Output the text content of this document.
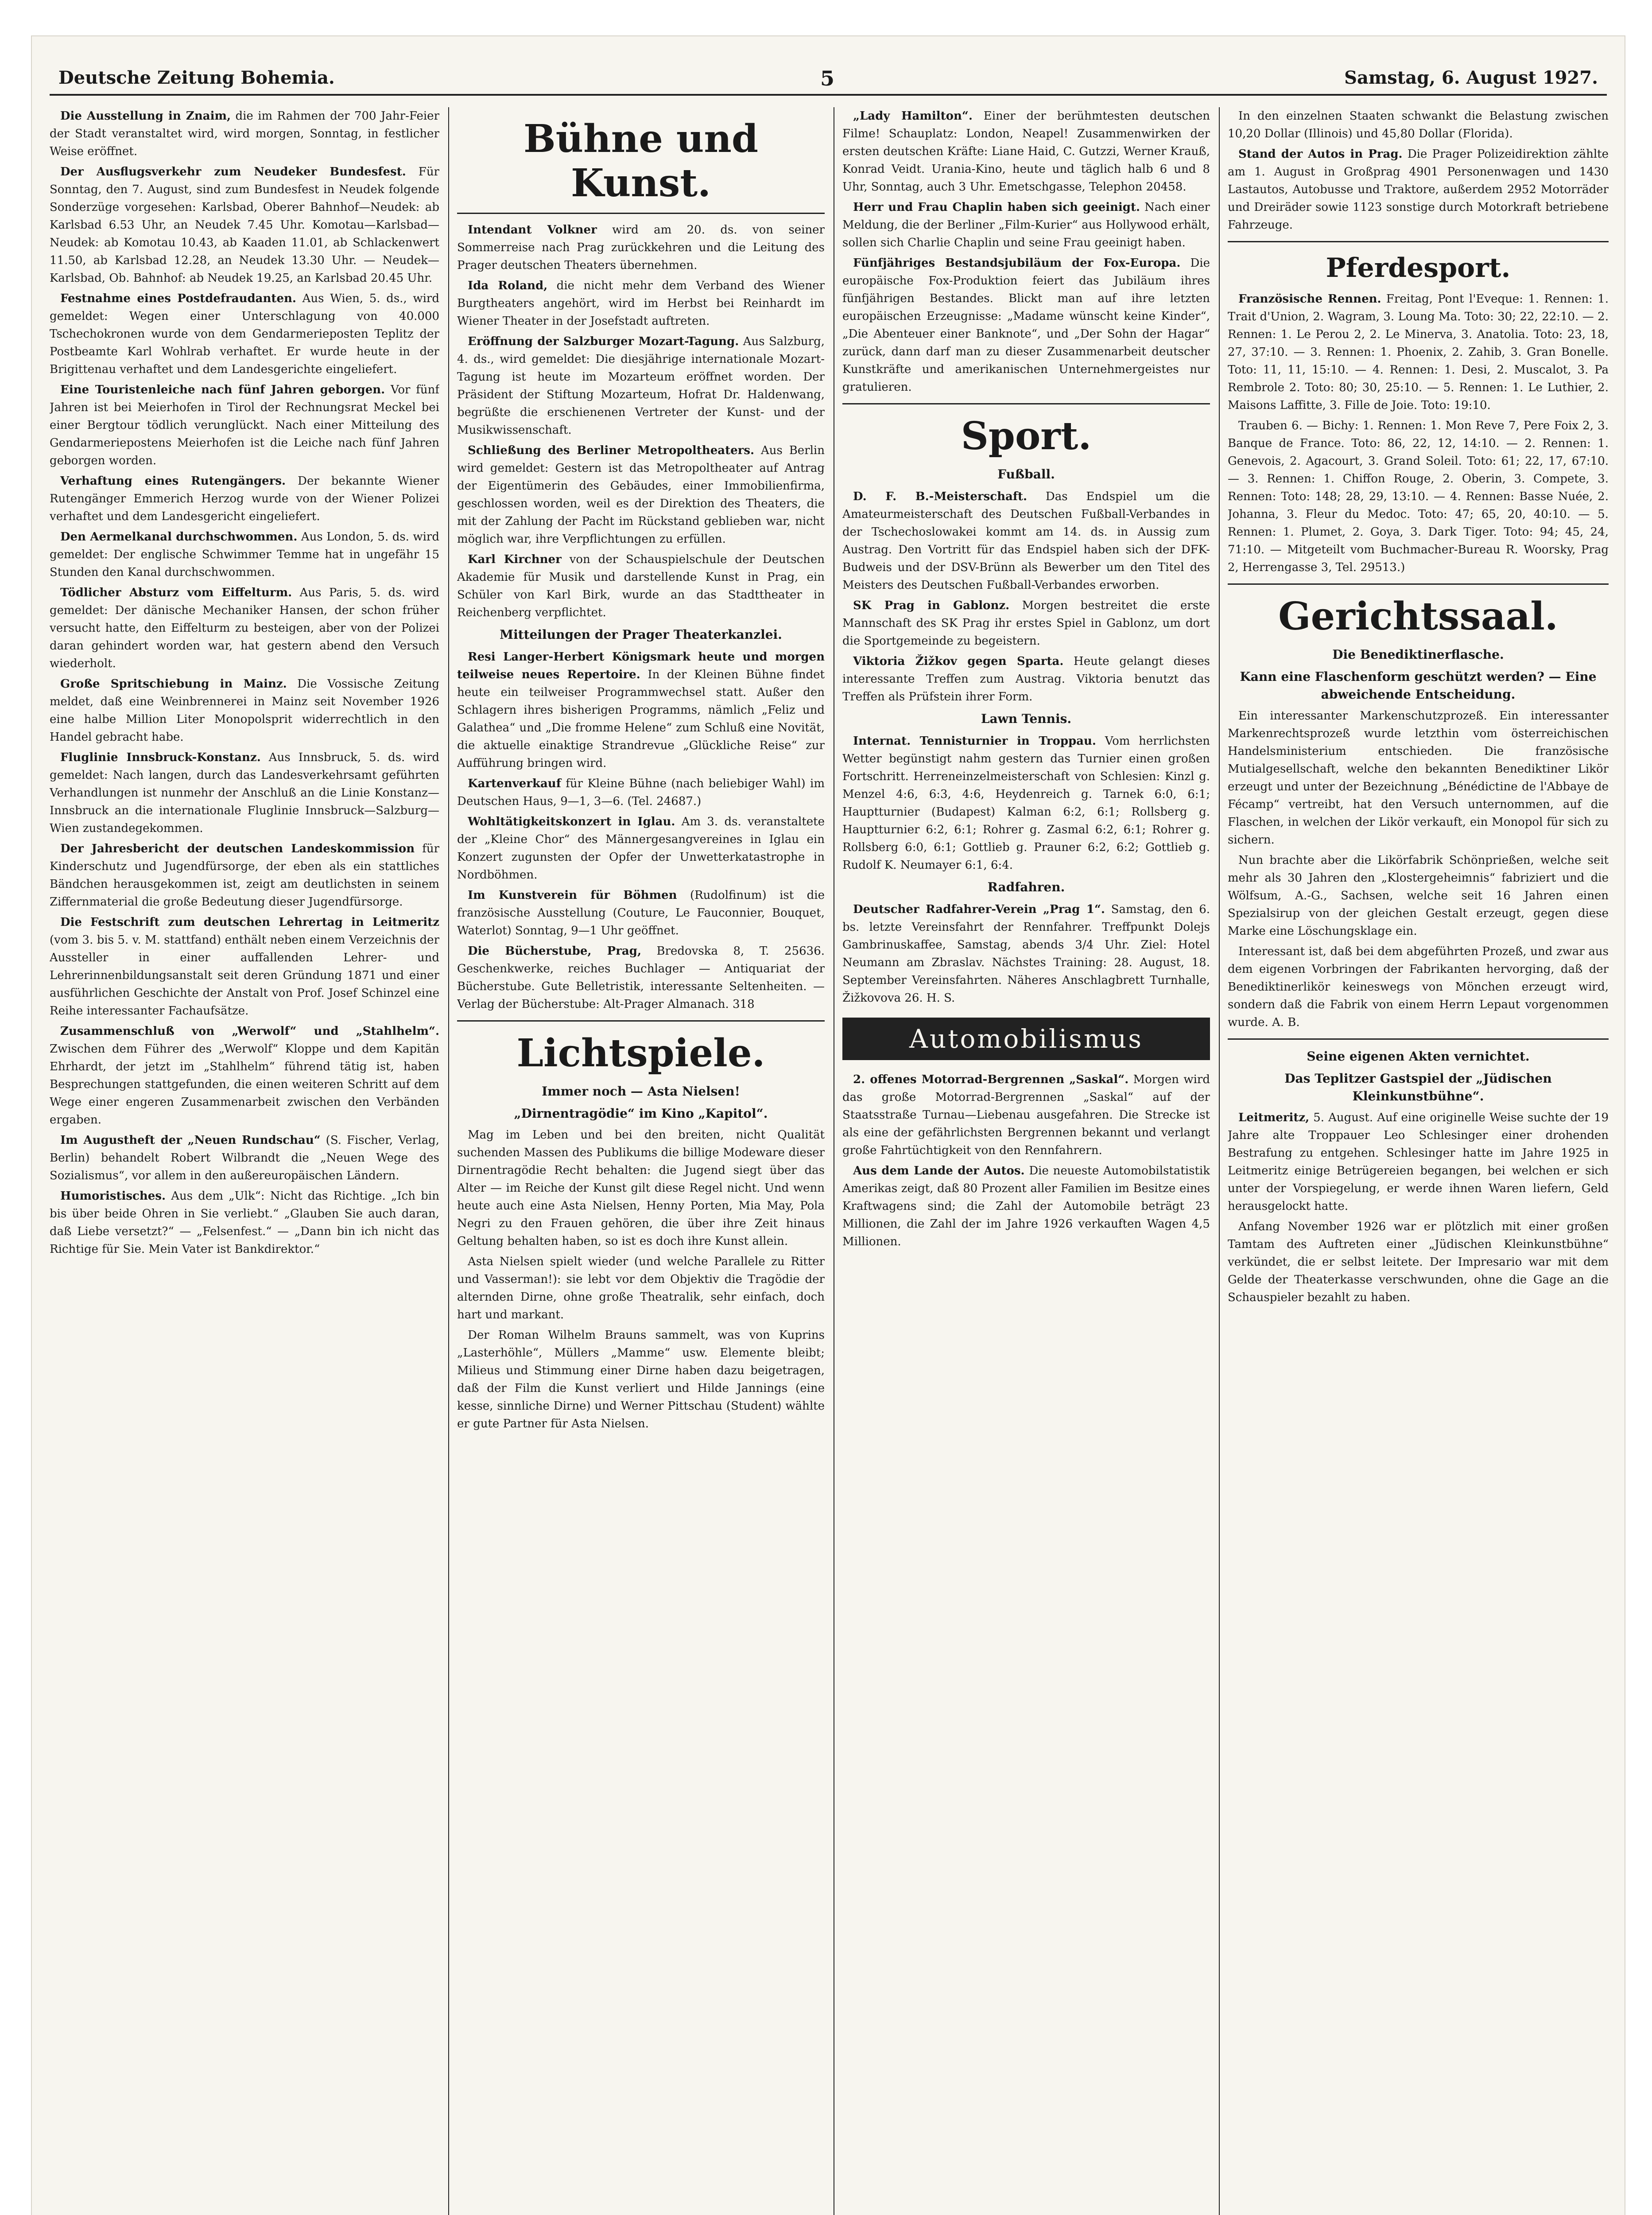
Deutsche Zeitung Bohemia.	5	Samstag, 6. August 1927.

Die Ausstellung in Znaim, die im Rahmen der 700 Jahr-Feier der Stadt veranstaltet wird, wird morgen, Sonntag, in festlicher Weise eröffnet.

Der Ausflugsverkehr zum Neudeker Bundesfest. Für Sonntag, den 7. August, sind zum Bundesfest in Neudek folgende Sonderzüge vorgesehen: Karlsbad, Oberer Bahnhof—Neudek: ab Karlsbad 6.53 Uhr, an Neudek 7.45 Uhr. Komotau—Karlsbad—Neudek: ab Komotau 10.43, ab Kaaden 11.01, ab Schlackenwert 11.50, ab Karlsbad 12.28, an Neudek 13.30 Uhr. — Neudek—Karlsbad, Ob. Bahnhof: ab Neudek 19.25, an Karlsbad 20.45 Uhr.

Festnahme eines Postdefraudanten. Aus Wien, 5. ds., wird gemeldet: Wegen einer Unterschlagung von 40.000 Tschechokronen wurde von dem Gendarmerieposten Teplitz der Postbeamte Karl Wohlrab verhaftet. Er wurde heute in der Brigittenau verhaftet und dem Landesgerichte eingeliefert.

Eine Touristenleiche nach fünf Jahren geborgen. Vor fünf Jahren ist bei Meierhofen in Tirol der Rechnungsrat Meckel bei einer Bergtour tödlich verunglückt. Nach einer Mitteilung des Gendarmeriepostens Meierhofen ist die Leiche nach fünf Jahren geborgen worden.

Verhaftung eines Rutengängers. Der bekannte Wiener Rutengänger Emmerich Herzog wurde von der Wiener Polizei verhaftet und dem Landesgericht eingeliefert.

Den Aermelkanal durchschwommen. Aus London, 5. ds. wird gemeldet: Der englische Schwimmer Temme hat in ungefähr 15 Stunden den Kanal durchschwommen.

Tödlicher Absturz vom Eiffelturm. Aus Paris, 5. ds. wird gemeldet: Der dänische Mechaniker Hansen, der schon früher versucht hatte, den Eiffelturm zu besteigen, aber von der Polizei daran gehindert worden war, hat gestern abend den Versuch wiederholt.

Große Spritschiebung in Mainz. Die Vossische Zeitung meldet, daß eine Weinbrennerei in Mainz seit November 1926 eine halbe Million Liter Monopolsprit widerrechtlich in den Handel gebracht habe.

Fluglinie Innsbruck-Konstanz. Aus Innsbruck, 5. ds. wird gemeldet: Nach langen, durch das Landesverkehrsamt geführten Verhandlungen ist nunmehr der Anschluß an die Linie Konstanz—Innsbruck an die internationale Fluglinie Innsbruck—Salzburg—Wien zustandegekommen.

Der Jahresbericht der deutschen Landeskommission für Kinderschutz und Jugendfürsorge, der eben als ein stattliches Bändchen herausgekommen ist, zeigt am deutlichsten in seinem Ziffernmaterial die große Bedeutung dieser Jugendfürsorge.

Die Festschrift zum deutschen Lehrertag in Leitmeritz (vom 3. bis 5. v. M. stattfand) enthält neben einem Verzeichnis der Aussteller in einer auffallenden Lehrer- und Lehrerinnenbildungsanstalt seit deren Gründung 1871 und einer ausführlichen Geschichte der Anstalt von Prof. Josef Schinzel eine Reihe interessanter Fachaufsätze.

Zusammenschluß von „Werwolf“ und „Stahlhelm“. Zwischen dem Führer des „Werwolf“ Kloppe und dem Kapitän Ehrhardt, der jetzt im „Stahlhelm“ führend tätig ist, haben Besprechungen stattgefunden, die einen weiteren Schritt auf dem Wege einer engeren Zusammenarbeit zwischen den Verbänden ergaben.

Im Augustheft der „Neuen Rundschau“ (S. Fischer, Verlag, Berlin) behandelt Robert Wilbrandt die „Neuen Wege des Sozialismus“, vor allem in den außereuropäischen Ländern.

Humoristisches. Aus dem „Ulk“: Nicht das Richtige. „Ich bin bis über beide Ohren in Sie verliebt.“ „Glauben Sie auch daran, daß Liebe versetzt?“ — „Felsenfest.“ — „Dann bin ich nicht das Richtige für Sie. Mein Vater ist Bankdirektor.“

Bühne und Kunst.

Intendant Volkner wird am 20. ds. von seiner Sommerreise nach Prag zurückkehren und die Leitung des Prager deutschen Theaters übernehmen.

Ida Roland, die nicht mehr dem Verband des Wiener Burgtheaters angehört, wird im Herbst bei Reinhardt im Wiener Theater in der Josefstadt auftreten.

Eröffnung der Salzburger Mozart-Tagung. Aus Salzburg, 4. ds., wird gemeldet: Die diesjährige internationale Mozart-Tagung ist heute im Mozarteum eröffnet worden. Der Präsident der Stiftung Mozarteum, Hofrat Dr. Haldenwang, begrüßte die erschienenen Vertreter der Kunst- und der Musikwissenschaft.

Schließung des Berliner Metropoltheaters. Aus Berlin wird gemeldet: Gestern ist das Metropoltheater auf Antrag der Eigentümerin des Gebäudes, einer Immobilienfirma, geschlossen worden, weil es der Direktion des Theaters, die mit der Zahlung der Pacht im Rückstand geblieben war, nicht möglich war, ihre Verpflichtungen zu erfüllen.

Karl Kirchner von der Schauspielschule der Deutschen Akademie für Musik und darstellende Kunst in Prag, ein Schüler von Karl Birk, wurde an das Stadttheater in Reichenberg verpflichtet.

Mitteilungen der Prager Theaterkanzlei.

Resi Langer-Herbert Königsmark heute und morgen teilweise neues Repertoire. In der Kleinen Bühne findet heute ein teilweiser Programmwechsel statt. Außer den Schlagern ihres bisherigen Programms, nämlich „Feliz und Galathea“ und „Die fromme Helene“ zum Schluß eine Novität, die aktuelle einaktige Strandrevue „Glückliche Reise“ zur Aufführung bringen wird.

Kartenverkauf für Kleine Bühne (nach beliebiger Wahl) im Deutschen Haus, 9—1, 3—6. (Tel. 24687.)

Wohltätigkeitskonzert in Iglau. Am 3. ds. veranstaltete der „Kleine Chor“ des Männergesangvereines in Iglau ein Konzert zugunsten der Opfer der Unwetterkatastrophe in Nordböhmen.

Im Kunstverein für Böhmen (Rudolfinum) ist die französische Ausstellung (Couture, Le Fauconnier, Bouquet, Waterlot) Sonntag, 9—1 Uhr geöffnet.

Die Bücherstube, Prag, Bredovska 8, T. 25636. Geschenkwerke, reiches Buchlager — Antiquariat der Bücherstube. Gute Belletristik, interessante Seltenheiten. — Verlag der Bücherstube: Alt-Prager Almanach. 318

Lichtspiele.
Immer noch — Asta Nielsen!
„Dirnentragödie“ im Kino „Kapitol“.

Mag im Leben und bei den breiten, nicht Qualität suchenden Massen des Publikums die billige Modeware dieser Dirnentragödie Recht behalten: die Jugend siegt über das Alter — im Reiche der Kunst gilt diese Regel nicht. Und wenn heute auch eine Asta Nielsen, Henny Porten, Mia May, Pola Negri zu den Frauen gehören, die über ihre Zeit hinaus Geltung behalten haben, so ist es doch ihre Kunst allein.

Asta Nielsen spielt wieder (und welche Parallele zu Ritter und Vasserman!): sie lebt vor dem Objektiv die Tragödie der alternden Dirne, ohne große Theatralik, sehr einfach, doch hart und markant.

Der Roman Wilhelm Brauns sammelt, was von Kuprins „Lasterhöhle“, Müllers „Mamme“ usw. Elemente bleibt; Milieus und Stimmung einer Dirne haben dazu beigetragen, daß der Film die Kunst verliert und Hilde Jannings (eine kesse, sinnliche Dirne) und Werner Pittschau (Student) wählte er gute Partner für Asta Nielsen.

„Lady Hamilton“. Einer der berühmtesten deutschen Filme! Schauplatz: London, Neapel! Zusammenwirken der ersten deutschen Kräfte: Liane Haid, C. Gutzzi, Werner Krauß, Konrad Veidt. Urania-Kino, heute und täglich halb 6 und 8 Uhr, Sonntag, auch 3 Uhr. Emetschgasse, Telephon 20458.

Herr und Frau Chaplin haben sich geeinigt. Nach einer Meldung, die der Berliner „Film-Kurier“ aus Hollywood erhält, sollen sich Charlie Chaplin und seine Frau geeinigt haben.

Fünfjähriges Bestandsjubiläum der Fox-Europa. Die europäische Fox-Produktion feiert das Jubiläum ihres fünfjährigen Bestandes. Blickt man auf ihre letzten europäischen Erzeugnisse: „Madame wünscht keine Kinder“, „Die Abenteuer einer Banknote“, und „Der Sohn der Hagar“ zurück, dann darf man zu dieser Zusammenarbeit deutscher Kunstkräfte und amerikanischen Unternehmergeistes nur gratulieren.

Sport.
Fußball.

D. F. B.-Meisterschaft. Das Endspiel um die Amateurmeisterschaft des Deutschen Fußball-Verbandes in der Tschechoslowakei kommt am 14. ds. in Aussig zum Austrag. Den Vortritt für das Endspiel haben sich der DFK-Budweis und der DSV-Brünn als Bewerber um den Titel des Meisters des Deutschen Fußball-Verbandes erworben.

SK Prag in Gablonz. Morgen bestreitet die erste Mannschaft des SK Prag ihr erstes Spiel in Gablonz, um dort die Sportgemeinde zu begeistern.

Viktoria Žižkov gegen Sparta. Heute gelangt dieses interessante Treffen zum Austrag. Viktoria benutzt das Treffen als Prüfstein ihrer Form.

Lawn Tennis.

Internat. Tennisturnier in Troppau. Vom herrlichsten Wetter begünstigt nahm gestern das Turnier einen großen Fortschritt. Herreneinzelmeisterschaft von Schlesien: Kinzl g. Menzel 4:6, 6:3, 4:6, Heydenreich g. Tarnek 6:0, 6:1; Hauptturnier (Budapest) Kalman 6:2, 6:1; Rollsberg g. Hauptturnier 6:2, 6:1; Rohrer g. Zasmal 6:2, 6:1; Rohrer g. Rollsberg 6:0, 6:1; Gottlieb g. Prauner 6:2, 6:2; Gottlieb g. Rudolf K. Neumayer 6:1, 6:4.

Radfahren.

Deutscher Radfahrer-Verein „Prag 1“. Samstag, den 6. bs. letzte Vereinsfahrt der Rennfahrer. Treffpunkt Dolejs Gambrinuskaffee, Samstag, abends 3/4 Uhr. Ziel: Hotel Neumann am Zbraslav. Nächstes Training: 28. August, 18. September Vereinsfahrten. Näheres Anschlagbrett Turnhalle, Žižkovova 26. H. S.

Automobilismus

2. offenes Motorrad-Bergrennen „Saskal“. Morgen wird das große Motorrad-Bergrennen „Saskal“ auf der Staatsstraße Turnau—Liebenau ausgefahren. Die Strecke ist als eine der gefährlichsten Bergrennen bekannt und verlangt große Fahrtüchtigkeit von den Rennfahrern.

Aus dem Lande der Autos. Die neueste Automobilstatistik Amerikas zeigt, daß 80 Prozent aller Familien im Besitze eines Kraftwagens sind; die Zahl der Automobile beträgt 23 Millionen, die Zahl der im Jahre 1926 verkauften Wagen 4,5 Millionen.

In den einzelnen Staaten schwankt die Belastung zwischen 10,20 Dollar (Illinois) und 45,80 Dollar (Florida).

Stand der Autos in Prag. Die Prager Polizeidirektion zählte am 1. August in Großprag 4901 Personenwagen und 1430 Lastautos, Autobusse und Traktore, außerdem 2952 Motorräder und Dreiräder sowie 1123 sonstige durch Motorkraft betriebene Fahrzeuge.

Pferdesport.

Französische Rennen. Freitag, Pont l'Eveque: 1. Rennen: 1. Trait d'Union, 2. Wagram, 3. Loung Ma. Toto: 30; 22, 22:10. — 2. Rennen: 1. Le Perou 2, 2. Le Minerva, 3. Anatolia. Toto: 23, 18, 27, 37:10. — 3. Rennen: 1. Phoenix, 2. Zahib, 3. Gran Bonelle. Toto: 11, 11, 15:10. — 4. Rennen: 1. Desi, 2. Muscalot, 3. Pa Rembrole 2. Toto: 80; 30, 25:10. — 5. Rennen: 1. Le Luthier, 2. Maisons Laffitte, 3. Fille de Joie. Toto: 19:10.

Trauben 6. — Bichy: 1. Rennen: 1. Mon Reve 7, Pere Foix 2, 3. Banque de France. Toto: 86, 22, 12, 14:10. — 2. Rennen: 1. Genevois, 2. Agacourt, 3. Grand Soleil. Toto: 61; 22, 17, 67:10. — 3. Rennen: 1. Chiffon Rouge, 2. Oberin, 3. Compete, 3. Rennen: Toto: 148; 28, 29, 13:10. — 4. Rennen: Basse Nuée, 2. Johanna, 3. Fleur du Medoc. Toto: 47; 65, 20, 40:10. — 5. Rennen: 1. Plumet, 2. Goya, 3. Dark Tiger. Toto: 94; 45, 24, 71:10. — Mitgeteilt vom Buchmacher-Bureau R. Woorsky, Prag 2, Herrengasse 3, Tel. 29513.)

Gerichtssaal.
Die Benediktinerflasche.
Kann eine Flaschenform geschützt werden? — Eine abweichende Entscheidung.

Ein interessanter Markenschutzprozeß. Ein interessanter Markenrechtsprozeß wurde letzthin vom österreichischen Handelsministerium entschieden. Die französische Mutialgesellschaft, welche den bekannten Benediktiner Likör erzeugt und unter der Bezeichnung „Bénédictine de l'Abbaye de Fécamp“ vertreibt, hat den Versuch unternommen, auf die Flaschen, in welchen der Likör verkauft, ein Monopol für sich zu sichern.

Nun brachte aber die Likörfabrik Schönprießen, welche seit mehr als 30 Jahren den „Klostergeheimnis“ fabriziert und die Wölfsum, A.-G., Sachsen, welche seit 16 Jahren einen Spezialsirup von der gleichen Gestalt erzeugt, gegen diese Marke eine Löschungsklage ein.

Interessant ist, daß bei dem abgeführten Prozeß, und zwar aus dem eigenen Vorbringen der Fabrikanten hervorging, daß der Benediktinerlikör keineswegs von Mönchen erzeugt wird, sondern daß die Fabrik von einem Herrn Lepaut vorgenommen wurde. A. B.

Seine eigenen Akten vernichtet.
Das Teplitzer Gastspiel der „Jüdischen Kleinkunstbühne“.

Leitmeritz, 5. August. Auf eine originelle Weise suchte der 19 Jahre alte Troppauer Leo Schlesinger einer drohenden Bestrafung zu entgehen. Schlesinger hatte im Jahre 1925 in Leitmeritz einige Betrügereien begangen, bei welchen er sich unter der Vorspiegelung, er werde ihnen Waren liefern, Geld herausgelockt hatte.

Anfang November 1926 war er plötzlich mit einer großen Tamtam des Auftreten einer „Jüdischen Kleinkunstbühne“ verkündet, die er selbst leitete. Der Impresario war mit dem Gelde der Theaterkasse verschwunden, ohne die Gage an die Schauspieler bezahlt zu haben.
